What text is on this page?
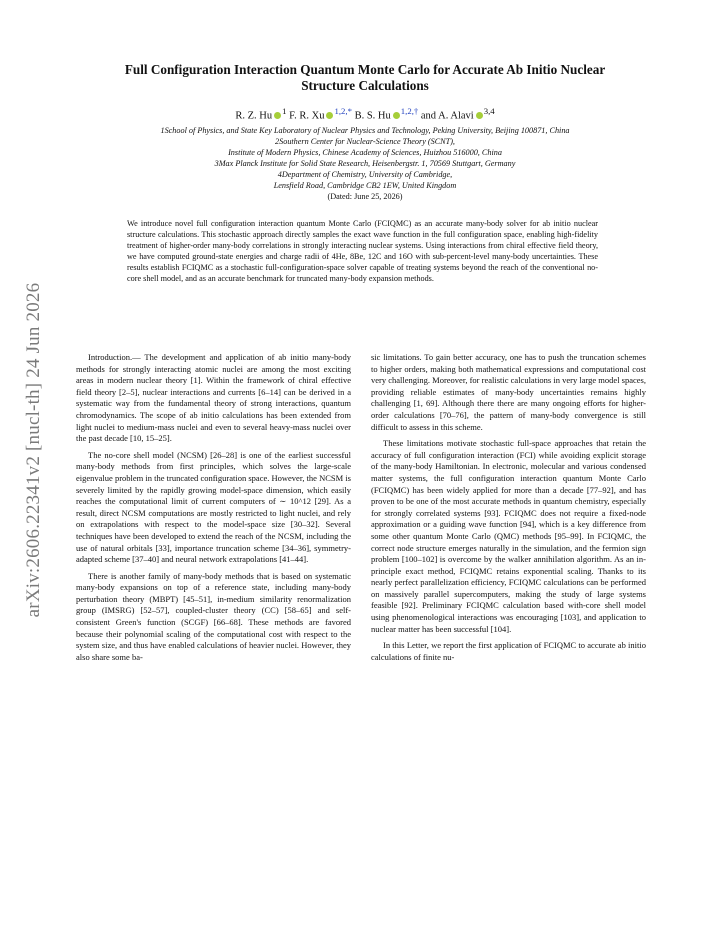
arXiv:2606.22341v2 [nucl-th] 24 Jun 2026
Full Configuration Interaction Quantum Monte Carlo for Accurate Ab Initio Nuclear
Structure Calculations
R. Z. Hu $^1$ F. R. Xu $^{1,2,*}$ B. S. Hu $^{1,2,\dagger}$ and A. Alavi $^{3,4}$
1School of Physics, and State Key Laboratory of Nuclear Physics and Technology, Peking University, Beijing 100871, China
2Southern Center for Nuclear-Science Theory (SCNT),
Institute of Modern Physics, Chinese Academy of Sciences, Huizhou 516000, China
3Max Planck Institute for Solid State Research, Heisenbergstr. 1, 70569 Stuttgart, Germany
4Department of Chemistry, University of Cambridge,
Lensfield Road, Cambridge CB2 1EW, United Kingdom
(Dated: June 25, 2026)
We introduce novel full configuration interaction quantum Monte Carlo (FCIQMC) as an accurate many-body solver for ab initio nuclear structure calculations. This stochastic approach directly samples the exact wave function in the full configuration space, enabling high-fidelity treatment of higher-order many-body correlations in strongly interacting nuclear systems. Using interactions from chiral effective field theory, we have computed ground-state energies and charge radii of 4He, 8Be, 12C and 16O with sub-percent-level many-body uncertainties. These results establish FCIQMC as a stochastic full-configuration-space solver capable of treating systems beyond the reach of the conventional no-core shell model, and as an accurate benchmark for truncated many-body expansion methods.

Introduction.— The development and application of ab initio many-body methods for strongly interacting atomic nuclei are among the most exciting areas in modern nuclear theory [1]. Within the framework of chiral effective field theory [2–5], nuclear interactions and currents [6–14] can be derived in a systematic way from the fundamental theory of strong interactions, quantum chromodynamics. The scope of ab initio calculations has been extended from light nuclei to medium-mass nuclei and even to several heavy-mass nuclei over the past decade [10, 15–25].

The no-core shell model (NCSM) [26–28] is one of the earliest successful many-body methods from first principles, which solves the large-scale eigenvalue problem in the truncated configuration space. However, the NCSM is severely limited by the rapidly growing model-space dimension, which easily reaches the computational limit of current computers of ∼ 10^12 [29]. As a result, direct NCSM computations are mostly restricted to light nuclei, and rely on extrapolations with respect to the model-space size [30–32]. Several techniques have been developed to extend the reach of the NCSM, including the use of natural orbitals [33], importance truncation scheme [34–36], symmetry-adapted scheme [37–40] and neural network extrapolations [41–44].

There is another family of many-body methods that is based on systematic many-body expansions on top of a reference state, including many-body perturbation theory (MBPT) [45–51], in-medium similarity renormalization group (IMSRG) [52–57], coupled-cluster theory (CC) [58–65] and self-consistent Green's function (SCGF) [66–68]. These methods are favored because their polynomial scaling of the computational cost with respect to the system size, and thus have enabled calculations of heavier nuclei. However, they also share some ba-

sic limitations. To gain better accuracy, one has to push the truncation schemes to higher orders, making both mathematical expressions and computational cost very challenging. Moreover, for realistic calculations in very large model spaces, providing reliable estimates of many-body uncertainties remains highly challenging [1, 69]. Although there there are many ongoing efforts for higher-order calculations [70–76], the pattern of many-body convergence is still difficult to assess in this scheme.

These limitations motivate stochastic full-space approaches that retain the accuracy of full configuration interaction (FCI) while avoiding explicit storage of the many-body Hamiltonian. In electronic, molecular and various condensed matter systems, the full configuration interaction quantum Monte Carlo (FCIQMC) has been widely applied for more than a decade [77–92], and has proven to be one of the most accurate methods in quantum chemistry, especially for strongly correlated systems [93]. FCIQMC does not require a fixed-node approximation or a guiding wave function [94], which is a key difference from some other quantum Monte Carlo (QMC) methods [95–99]. In FCIQMC, the correct node structure emerges naturally in the simulation, and the fermion sign problem [100–102] is overcome by the walker annihilation algorithm. As an in-principle exact method, FCIQMC retains exponential scaling. Thanks to its nearly perfect parallelization efficiency, FCIQMC calculations can be performed on massively parallel supercomputers, making the study of large systems feasible [92]. Preliminary FCIQMC calculation based with-core shell model using phenomenological interactions was encouraging [103], and application to nuclear matter has been successful [104].

In this Letter, we report the first application of FCIQMC to accurate ab initio calculations of finite nu-
